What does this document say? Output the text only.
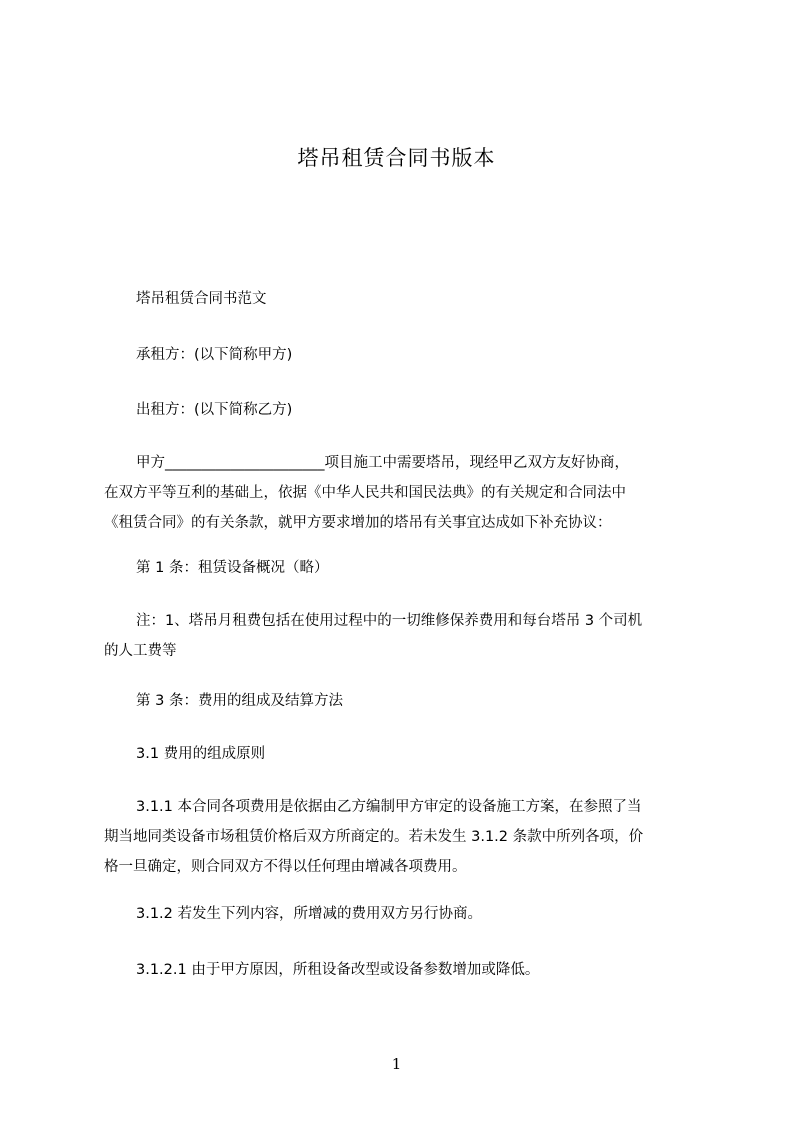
塔吊租赁合同书版本
塔吊租赁合同书范文
承租方：(以下简称甲方)
出租方：(以下简称乙方)
甲方______________________项目施工中需要塔吊，现经甲乙双方友好协商，
在双方平等互利的基础上，依据《中华人民共和国民法典》的有关规定和合同法中
《租赁合同》的有关条款，就甲方要求增加的塔吊有关事宜达成如下补充协议：
第 1 条：租赁设备概况（略）
注：1、塔吊月租费包括在使用过程中的一切维修保养费用和每台塔吊 3 个司机
的人工费等
第 3 条：费用的组成及结算方法
3.1 费用的组成原则
3.1.1 本合同各项费用是依据由乙方编制甲方审定的设备施工方案，在参照了当
期当地同类设备市场租赁价格后双方所商定的。若未发生 3.1.2 条款中所列各项，价
格一旦确定，则合同双方不得以任何理由增减各项费用。
3.1.2 若发生下列内容，所增减的费用双方另行协商。
3.1.2.1 由于甲方原因，所租设备改型或设备参数增加或降低。
1
